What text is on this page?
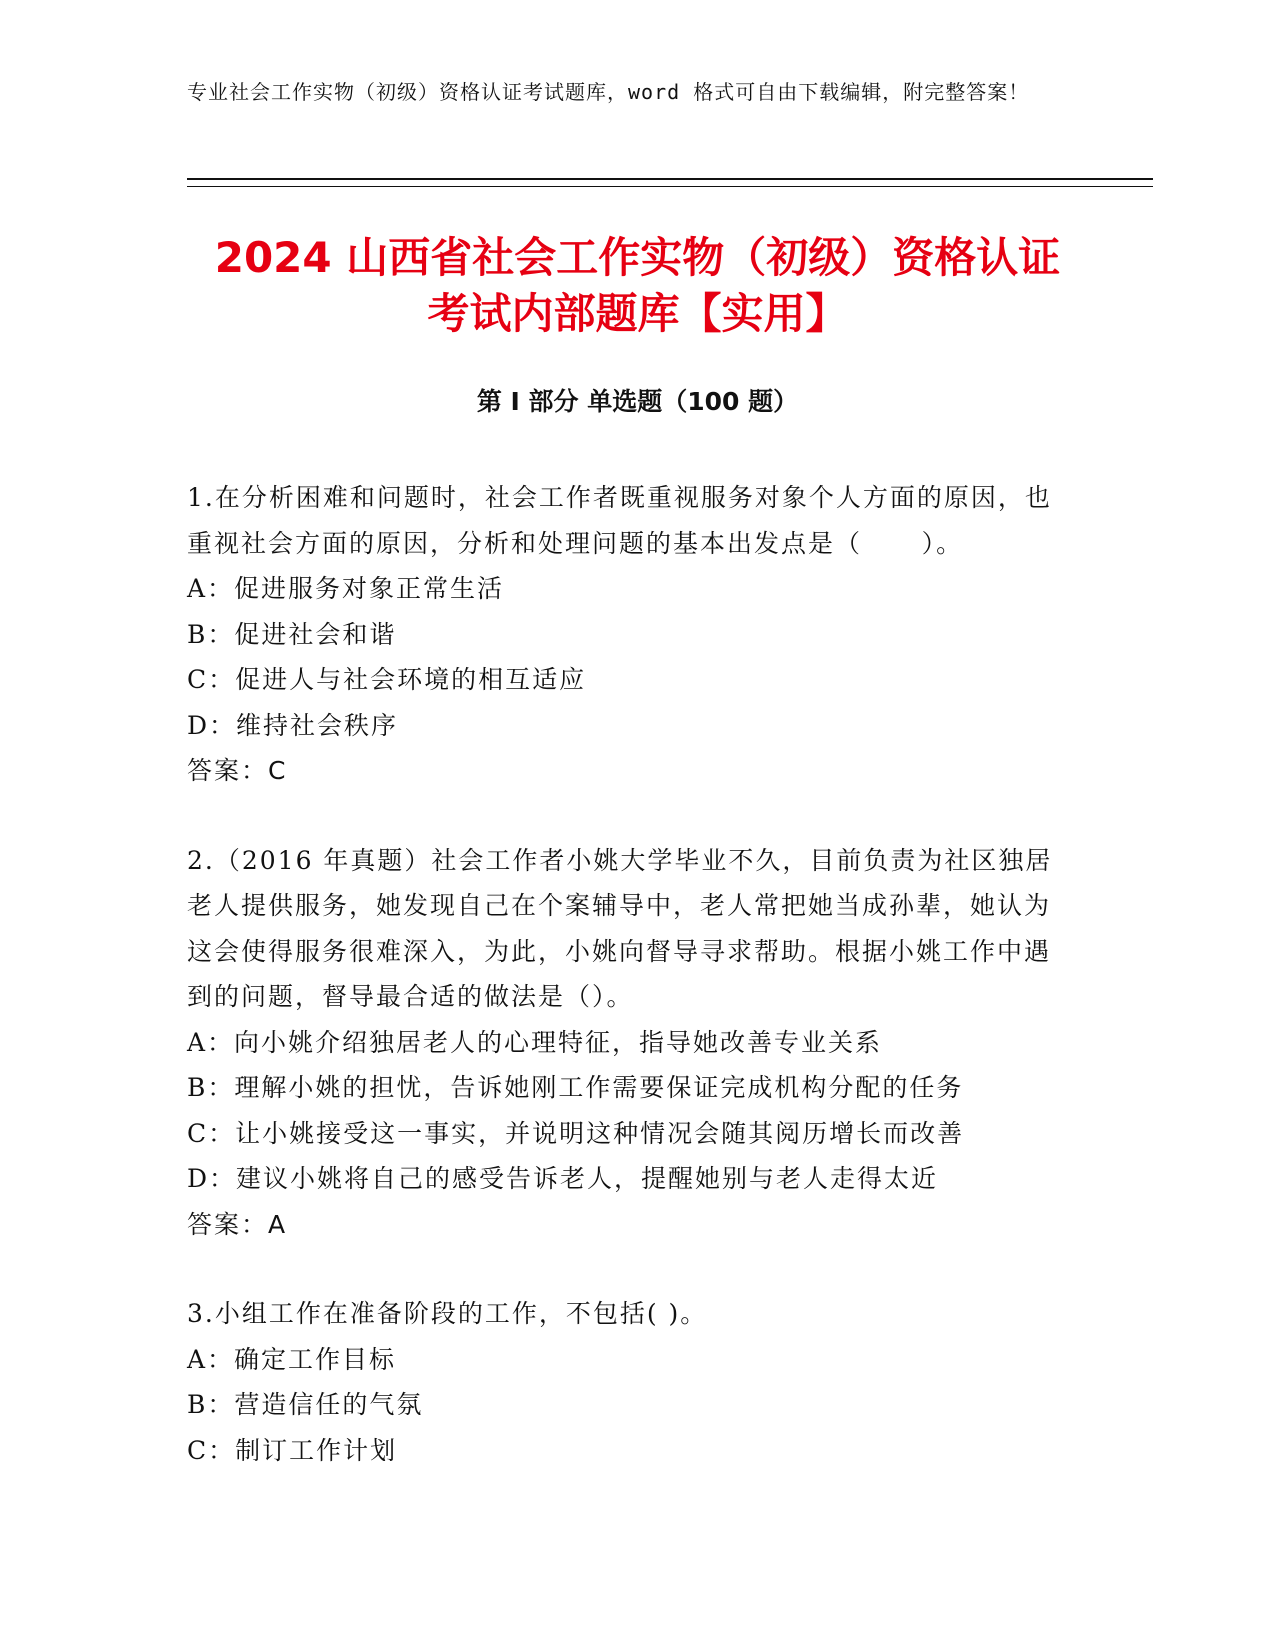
专业社会工作实物（初级）资格认证考试题库，word 格式可自由下载编辑，附完整答案！
2024 山西省社会工作实物（初级）资格认证
考试内部题库【实用】
第 I 部分 单选题（100 题）
1.在分析困难和问题时，社会工作者既重视服务对象个人方面的原因，也重视社会方面的原因，分析和处理问题的基本出发点是（      ）。
A：促进服务对象正常生活
B：促进社会和谐
C：促进人与社会环境的相互适应
D：维持社会秩序
答案：C
2.（2016 年真题）社会工作者小姚大学毕业不久，目前负责为社区独居老人提供服务，她发现自己在个案辅导中，老人常把她当成孙辈，她认为这会使得服务很难深入，为此，小姚向督导寻求帮助。根据小姚工作中遇到的问题，督导最合适的做法是（）。
A：向小姚介绍独居老人的心理特征，指导她改善专业关系
B：理解小姚的担忧，告诉她刚工作需要保证完成机构分配的任务
C：让小姚接受这一事实，并说明这种情况会随其阅历增长而改善
D：建议小姚将自己的感受告诉老人，提醒她别与老人走得太近
答案：A
3.小组工作在准备阶段的工作，不包括( )。
A：确定工作目标
B：营造信任的气氛
C：制订工作计划
